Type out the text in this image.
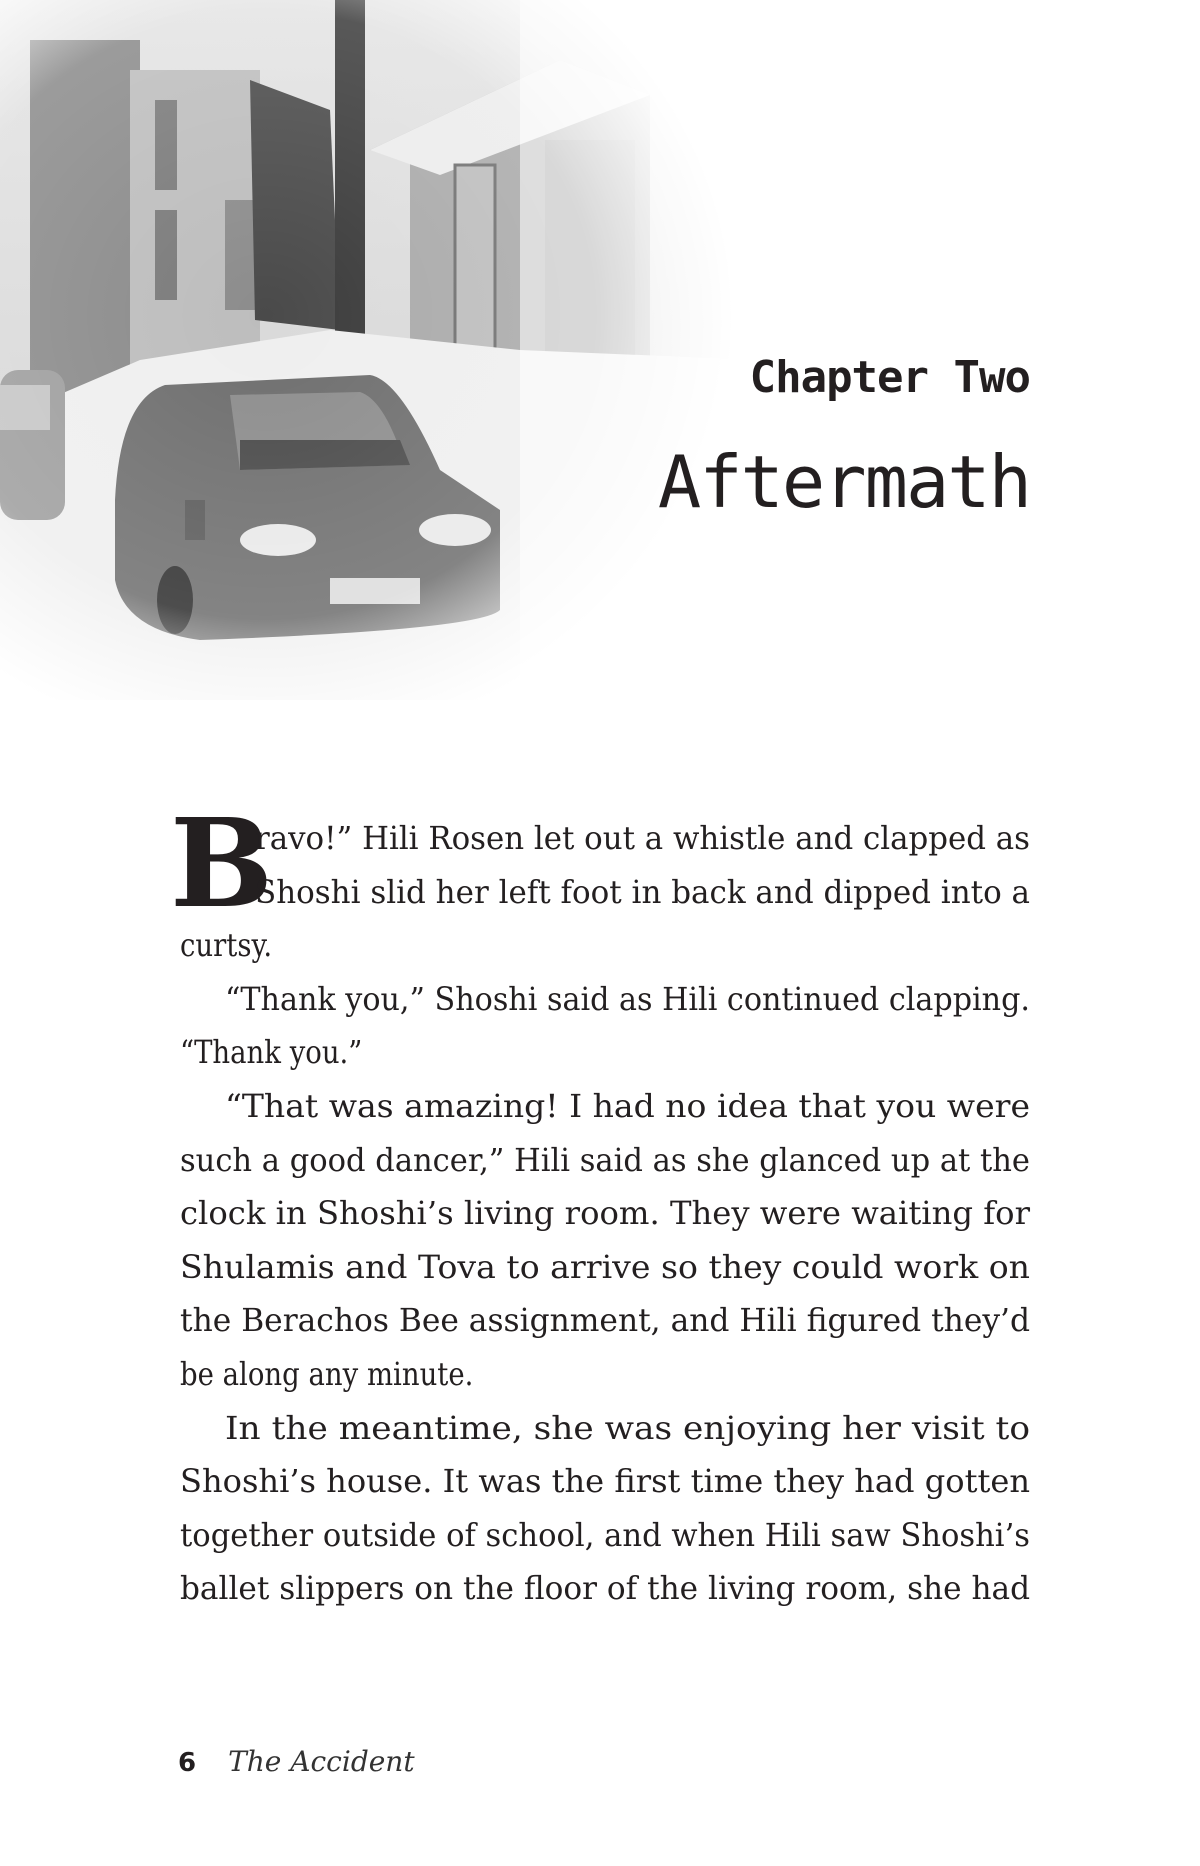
Chapter Two
Aftermath
B
ravo!” Hili Rosen let out a whistle and clapped as
Shoshi slid her left foot in back and dipped into a
curtsy.
“Thank you,” Shoshi said as Hili continued clapping.
“Thank you.”
“That was amazing! I had no idea that you were
such a good dancer,” Hili said as she glanced up at the
clock in Shoshi’s living room. They were waiting for
Shulamis and Tova to arrive so they could work on
the Berachos Bee assignment, and Hili figured they’d
be along any minute.
In the meantime, she was enjoying her visit to
Shoshi’s house. It was the first time they had gotten
together outside of school, and when Hili saw Shoshi’s
ballet slippers on the floor of the living room, she had
6 The Accident
